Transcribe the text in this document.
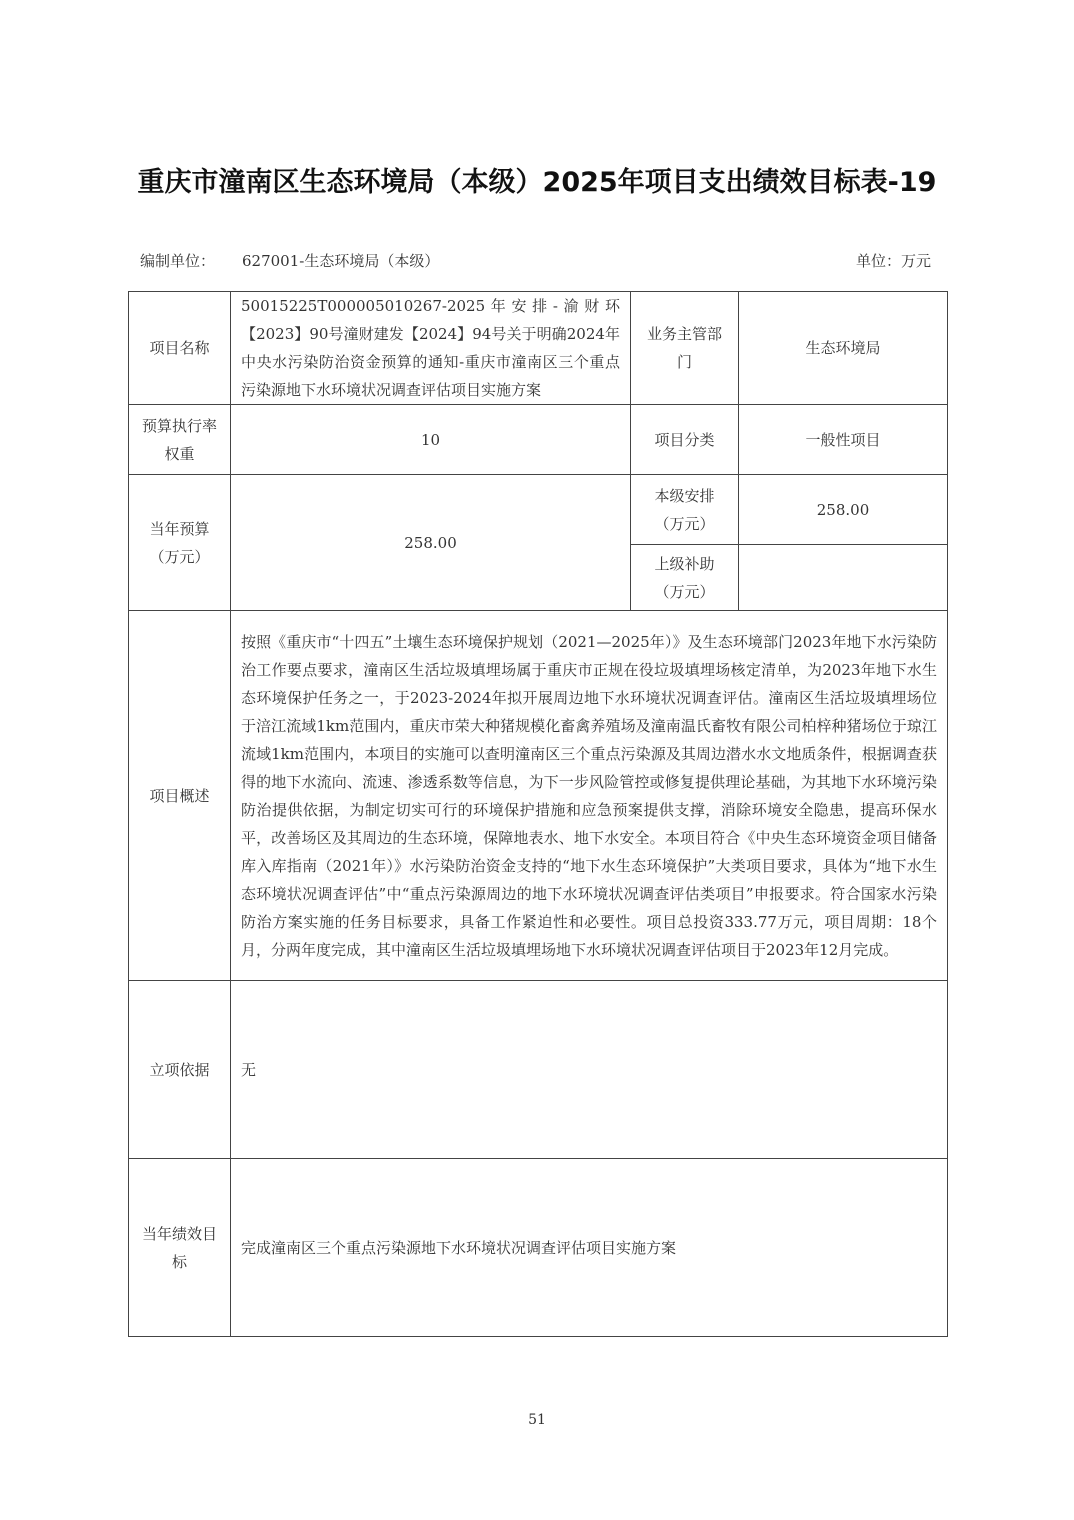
重庆市潼南区生态环境局（本级）2025年项目支出绩效目标表-19
编制单位： 627001-生态环境局（本级）	单位：万元
项目名称	50015225T000005010267-2025年安排-渝财环【2023】90号潼财建发【2024】94号关于明确2024年中央水污染防治资金预算的通知-重庆市潼南区三个重点污染源地下水环境状况调查评估项目实施方案	业务主管部门	生态环境局
预算执行率权重	10	项目分类	一般性项目
当年预算（万元）	258.00	本级安排（万元）	258.00
		上级补助（万元）	
项目概述	按照《重庆市“十四五”土壤生态环境保护规划（2021—2025年）》及生态环境部门2023年地下水污染防治工作要点要求，潼南区生活垃圾填埋场属于重庆市正规在役垃圾填埋场核定清单，为2023年地下水生态环境保护任务之一，于2023-2024年拟开展周边地下水环境状况调查评估。潼南区生活垃圾填埋场位于涪江流域1km范围内，重庆市荣大种猪规模化畜禽养殖场及潼南温氏畜牧有限公司柏梓种猪场位于琼江流域1km范围内，本项目的实施可以查明潼南区三个重点污染源及其周边潜水水文地质条件，根据调查获得的地下水流向、流速、渗透系数等信息，为下一步风险管控或修复提供理论基础，为其地下水环境污染防治提供依据，为制定切实可行的环境保护措施和应急预案提供支撑，消除环境安全隐患，提高环保水平，改善场区及其周边的生态环境，保障地表水、地下水安全。本项目符合《中央生态环境资金项目储备库入库指南（2021年）》水污染防治资金支持的“地下水生态环境保护”大类项目要求，具体为“地下水生态环境状况调查评估”中“重点污染源周边的地下水环境状况调查评估类项目”申报要求。符合国家水污染防治方案实施的任务目标要求，具备工作紧迫性和必要性。项目总投资333.77万元，项目周期：18个月，分两年度完成，其中潼南区生活垃圾填埋场地下水环境状况调查评估项目于2023年12月完成。		
立项依据	无		
当年绩效目标	完成潼南区三个重点污染源地下水环境状况调查评估项目实施方案		
51
